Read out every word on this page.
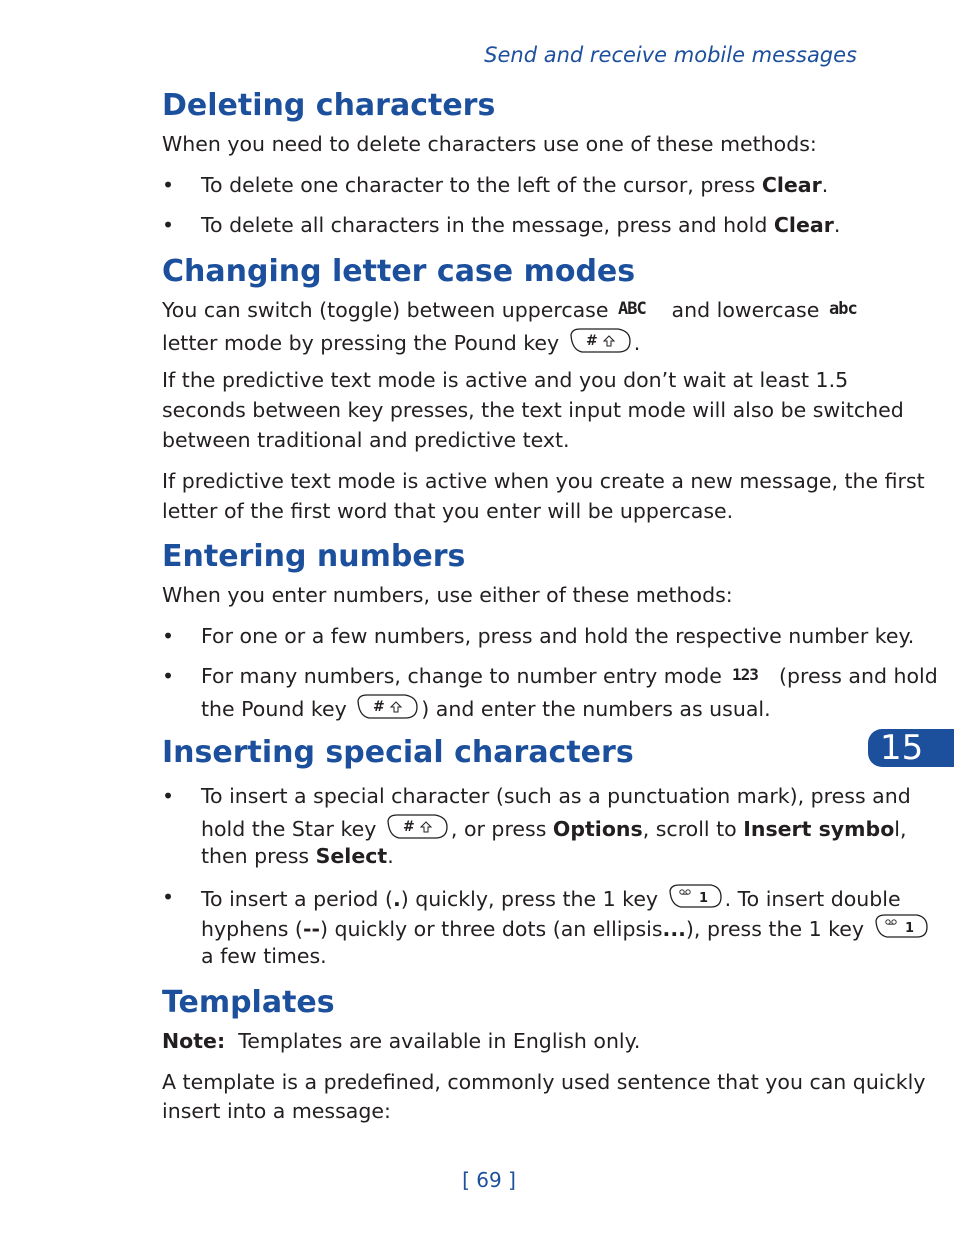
Send and receive mobile messages
15
Deleting characters
When you need to delete characters use one of these methods:
• To delete one character to the left of the cursor, press Clear.
• To delete all characters in the message, press and hold Clear.
Changing letter case modes
You can switch (toggle) between uppercase ABC and lowercase abc
letter mode by pressing the Pound key # .
If the predictive text mode is active and you don’t wait at least 1.5
seconds between key presses, the text input mode will also be switched
between traditional and predictive text.
If predictive text mode is active when you create a new message, the first
letter of the first word that you enter will be uppercase.
Entering numbers
When you enter numbers, use either of these methods:
• For one or a few numbers, press and hold the respective number key.
• For many numbers, change to number entry mode 123 (press and hold
the Pound key # ) and enter the numbers as usual.
Inserting special characters
• To insert a special character (such as a punctuation mark), press and
hold the Star key # , or press Options, scroll to Insert symbol,
then press Select.
• To insert a period (.) quickly, press the 1 key	1 . To insert double
hyphens (--) quickly or three dots (an ellipsis...), press the 1 key	1
a few times.
Templates
Note: Templates are available in English only.
A template is a predefined, commonly used sentence that you can quickly
insert into a message:
[ 69 ]
